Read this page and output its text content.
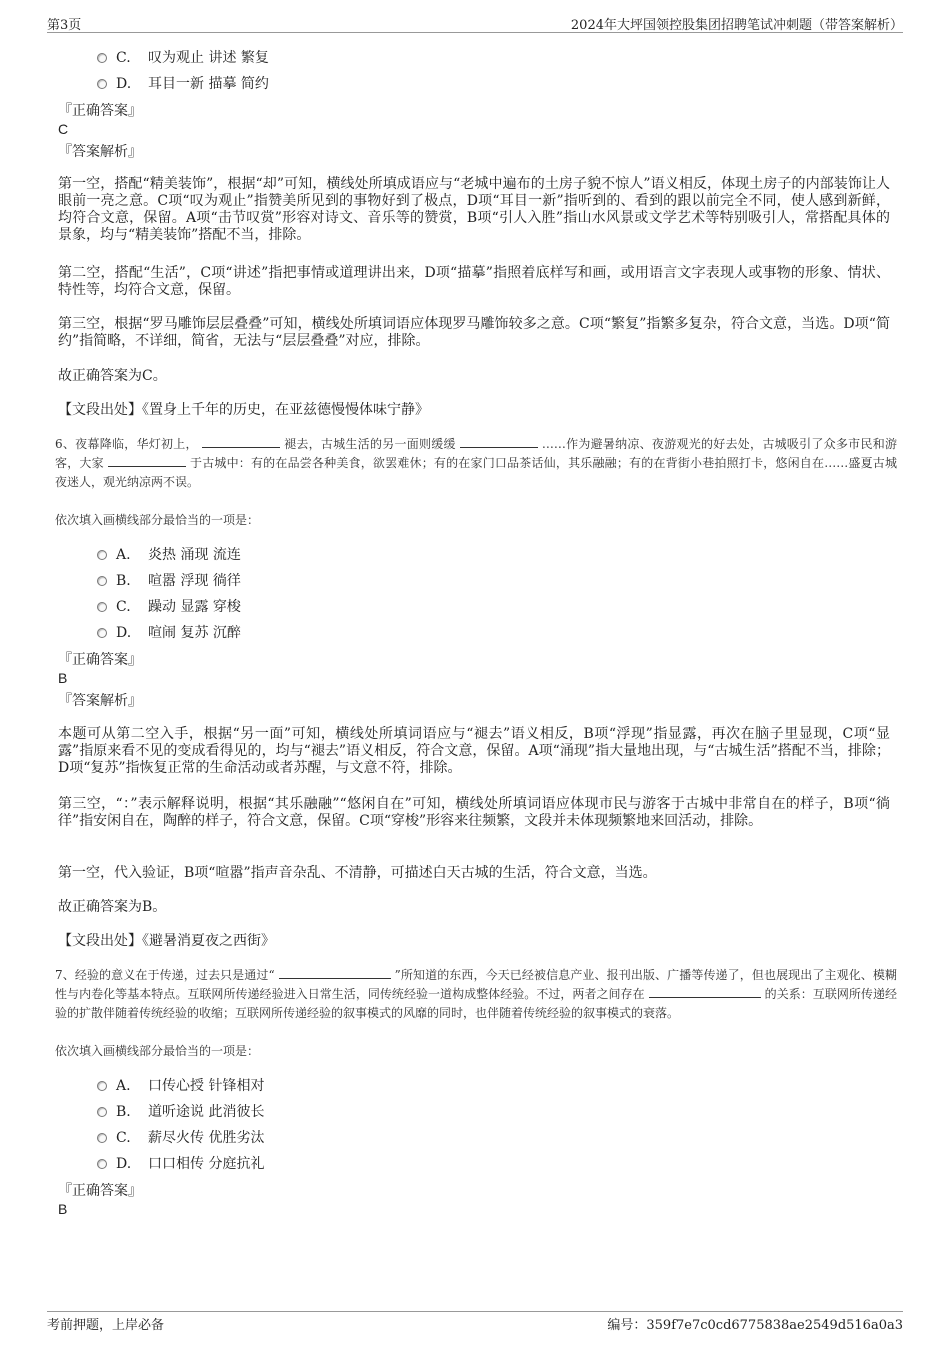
第3页	2024年大坪国领控股集团招聘笔试冲刺题（带答案解析）
C. 叹为观止 讲述 繁复
D. 耳目一新 描摹 简约
『正确答案』
C
『答案解析』
第一空，搭配“精美装饰”，根据“却”可知，横线处所填成语应与“老城中遍布的土房子貌不惊人”语义相反，体现土房子的内部装饰让人眼前一亮之意。C项“叹为观止”指赞美所见到的事物好到了极点，D项“耳目一新”指听到的、看到的跟以前完全不同，使人感到新鲜，均符合文意，保留。A项“击节叹赏”形容对诗文、音乐等的赞赏，B项“引人入胜”指山水风景或文学艺术等特别吸引人，常搭配具体的景象，均与“精美装饰”搭配不当，排除。
第二空，搭配“生活”，C项“讲述”指把事情或道理讲出来，D项“描摹”指照着底样写和画，或用语言文字表现人或事物的形象、情状、特性等，均符合文意，保留。
第三空，根据“罗马雕饰层层叠叠”可知，横线处所填词语应体现罗马雕饰较多之意。C项“繁复”指繁多复杂，符合文意，当选。D项“简约”指简略，不详细，简省，无法与“层层叠叠”对应，排除。
故正确答案为C。
【文段出处】《置身上千年的历史，在亚兹德慢慢体味宁静》
6、夜幕降临，华灯初上，	褪去，古城生活的另一面则缓缓	……作为避暑纳凉、夜游观光的好去处，古城吸引了众多市民和游客，大家	于古城中：有的在品尝各种美食，欲罢难休；有的在家门口品茶话仙，其乐融融；有的在背街小巷拍照打卡，悠闲自在……盛夏古城夜迷人，观光纳凉两不误。
依次填入画横线部分最恰当的一项是：
A. 炎热 涌现 流连
B. 喧嚣 浮现 徜徉
C. 躁动 显露 穿梭
D. 喧闹 复苏 沉醉
『正确答案』
B
『答案解析』
本题可从第二空入手，根据“另一面”可知，横线处所填词语应与“褪去”语义相反，B项“浮现”指显露，再次在脑子里显现，C项“显露”指原来看不见的变成看得见的，均与“褪去”语义相反，符合文意，保留。A项“涌现”指大量地出现，与“古城生活”搭配不当，排除；D项“复苏”指恢复正常的生命活动或者苏醒，与文意不符，排除。
第三空，“：”表示解释说明，根据“其乐融融”“悠闲自在”可知，横线处所填词语应体现市民与游客于古城中非常自在的样子，B项“徜徉”指安闲自在，陶醉的样子，符合文意，保留。C项“穿梭”形容来往频繁，文段并未体现频繁地来回活动，排除。
第一空，代入验证，B项“喧嚣”指声音杂乱、不清静，可描述白天古城的生活，符合文意，当选。
故正确答案为B。
【文段出处】《避暑消夏夜之西街》
7、经验的意义在于传递，过去只是通过“	”所知道的东西，今天已经被信息产业、报刊出版、广播等传递了，但也展现出了主观化、模糊性与内卷化等基本特点。互联网所传递经验进入日常生活，同传统经验一道构成整体经验。不过，两者之间存在	的关系：互联网所传递经验的扩散伴随着传统经验的收缩；互联网所传递经验的叙事模式的风靡的同时，也伴随着传统经验的叙事模式的衰落。
依次填入画横线部分最恰当的一项是：
A. 口传心授 针锋相对
B. 道听途说 此消彼长
C. 薪尽火传 优胜劣汰
D. 口口相传 分庭抗礼
『正确答案』
B
考前押题，上岸必备	编号：359f7e7c0cd6775838ae2549d516a0a3
